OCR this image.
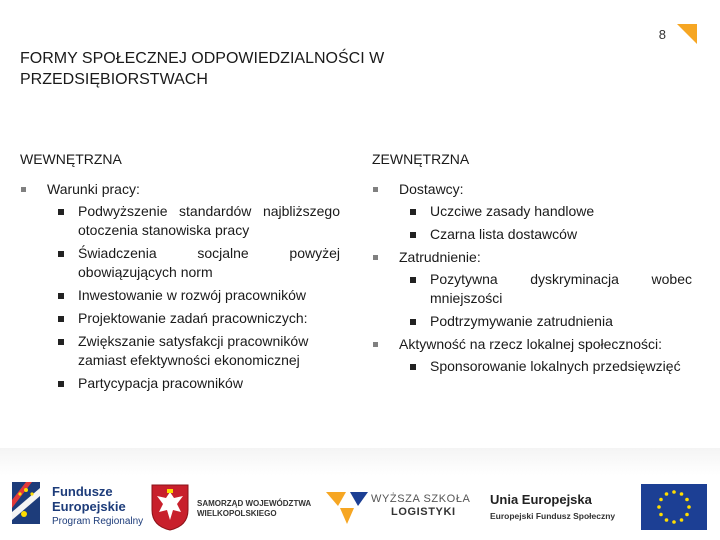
8
FORMY SPOŁECZNEJ ODPOWIEDZIALNOŚCI W PRZEDSIĘBIORSTWACH
WEWNĘTRZNA
Warunki pracy:
Podwyższenie standardów najbliższego otoczenia stanowiska pracy
Świadczenia socjalne powyżej obowiązujących norm
Inwestowanie w rozwój pracowników
Projektowanie zadań pracowniczych:
Zwiększanie satysfakcji pracowników zamiast efektywności ekonomicznej
Partycypacja pracowników
ZEWNĘTRZNA
Dostawcy:
Uczciwe zasady handlowe
Czarna lista dostawców
Zatrudnienie:
Pozytywna dyskryminacja wobec mniejszości
Podtrzymywanie zatrudnienia
Aktywność na rzecz lokalnej społeczności:
Sponsorowanie lokalnych przedsięwzięć
Fundusze
Europejskie
Program Regionalny
SAMORZĄD WOJEWÓDZTWA
WIELKOPOLSKIEGO
WYŻSZA SZKOŁA
LOGISTYKI
Unia Europejska
Europejski Fundusz Społeczny
